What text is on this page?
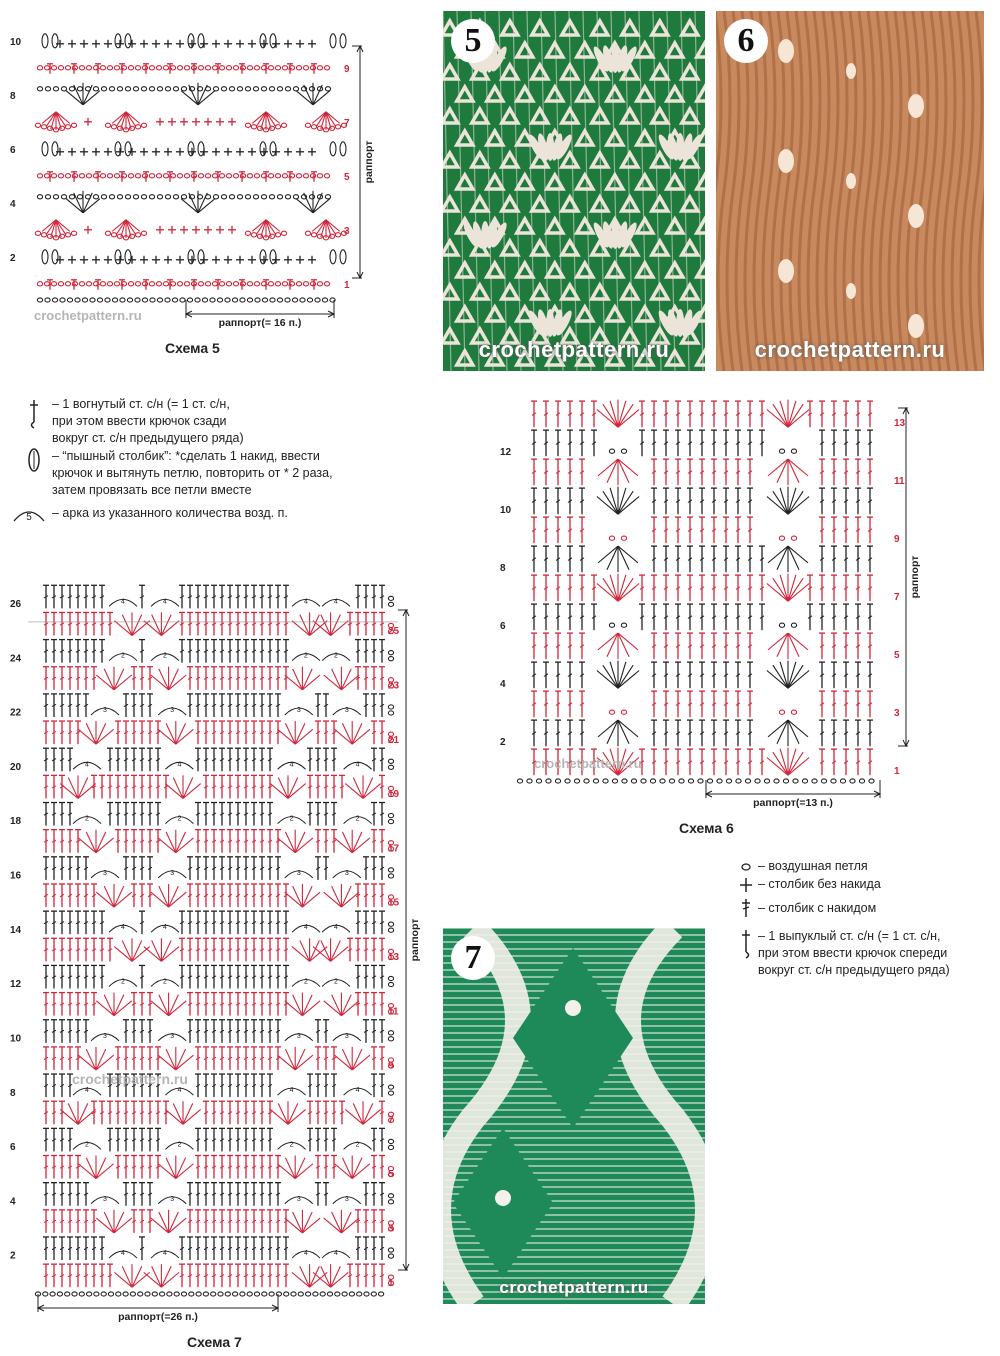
2
4
6
8
10
1
3
5
7
9
раппорт
раппорт(= 16 п.)
crochetpattern.ru
Схема 5
– 1 вогнутый ст. с/н (= 1 ст. с/н,
при этом ввести крючок сзади
вокруг ст. с/н предыдущего ряда)
– “пышный столбик”: *сделать 1 накид, ввести
крючок и вытянуть петлю, повторить от * 2 раза,
затем провязать все петли вместе
5 – арка из указанного количества возд. п.
5
crochetpattern.ru
6
crochetpattern.ru
7
crochetpattern.ru
2
4
6
8
10
12
1
3
5
7
9
11
13
раппорт
раппорт(=13 п.)
crochetpattern.ru
Схема 6
– воздушная петля
– столбик без накида
– столбик с накидом
– 1 выпуклый ст. с/н (= 1 ст. с/н,
при этом ввести крючок спереди
вокруг ст. с/н предыдущего ряда)
4	4	4	4
3	3	3	3
2	2	2	2
4	4	4	4
3	3	3	3
2	2	2	2
4	4	4	4
3	3	3	3
2	2	2	2
4	4	4	4
3	3	3	3
2	2	2	2
4	4	4	4
2
4
6
8
10
12
14
16
18
20
22
24
26
1
3
5
7
9
11
13
15
17
19
21
23
25
раппорт
раппорт(=26 п.)
crochetpattern.ru
Схема 7
